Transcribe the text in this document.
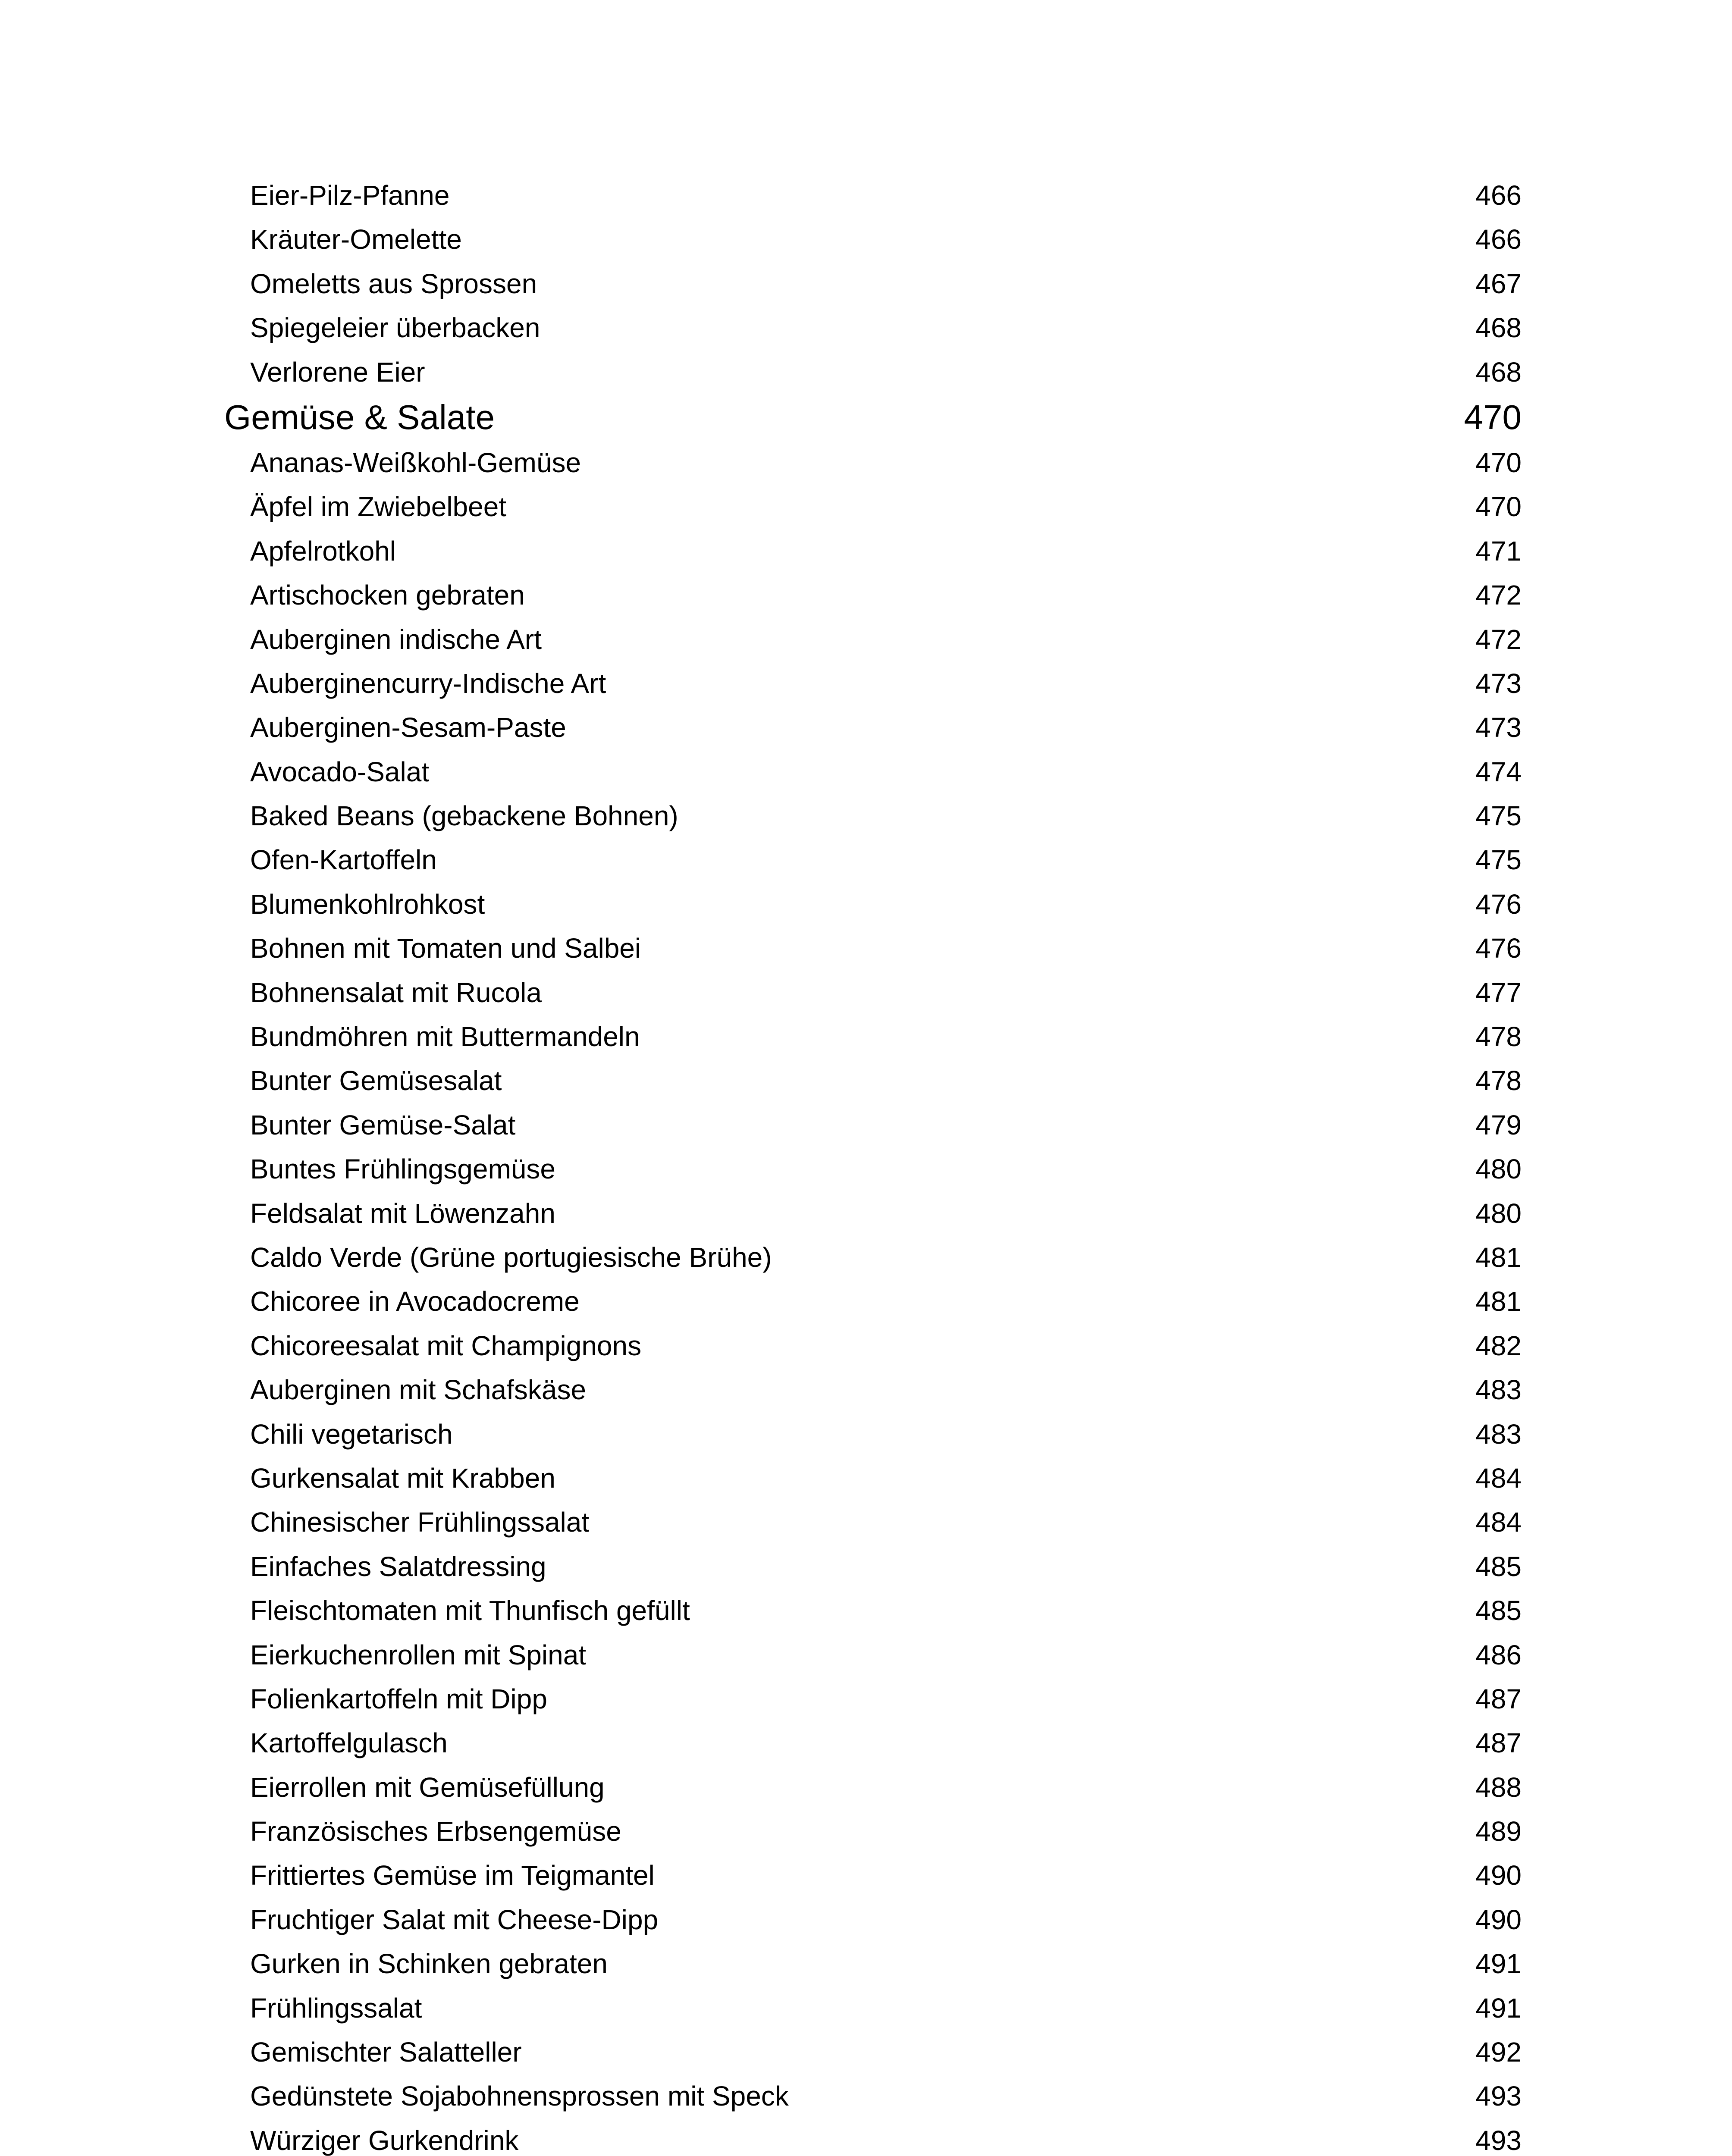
Eier-Pilz-Pfanne	466
Kräuter-Omelette	466
Omeletts aus Sprossen	467
Spiegeleier überbacken	468
Verlorene Eier	468
Gemüse & Salate	470
Ananas-Weißkohl-Gemüse	470
Äpfel im Zwiebelbeet	470
Apfelrotkohl	471
Artischocken gebraten	472
Auberginen indische Art	472
Auberginencurry-Indische Art	473
Auberginen-Sesam-Paste	473
Avocado-Salat	474
Baked Beans (gebackene Bohnen)	475
Ofen-Kartoffeln	475
Blumenkohlrohkost	476
Bohnen mit Tomaten und Salbei	476
Bohnensalat mit Rucola	477
Bundmöhren mit Buttermandeln	478
Bunter Gemüsesalat	478
Bunter Gemüse-Salat	479
Buntes Frühlingsgemüse	480
Feldsalat mit Löwenzahn	480
Caldo Verde (Grüne portugiesische Brühe)	481
Chicoree in Avocadocreme	481
Chicoreesalat mit Champignons	482
Auberginen mit Schafskäse	483
Chili vegetarisch	483
Gurkensalat mit Krabben	484
Chinesischer Frühlingssalat	484
Einfaches Salatdressing	485
Fleischtomaten mit Thunfisch gefüllt	485
Eierkuchenrollen mit Spinat	486
Folienkartoffeln mit Dipp	487
Kartoffelgulasch	487
Eierrollen mit Gemüsefüllung	488
Französisches Erbsengemüse	489
Frittiertes Gemüse im Teigmantel	490
Fruchtiger Salat mit Cheese-Dipp	490
Gurken in Schinken gebraten	491
Frühlingssalat	491
Gemischter Salatteller	492
Gedünstete Sojabohnensprossen mit Speck	493
Würziger Gurkendrink	493
